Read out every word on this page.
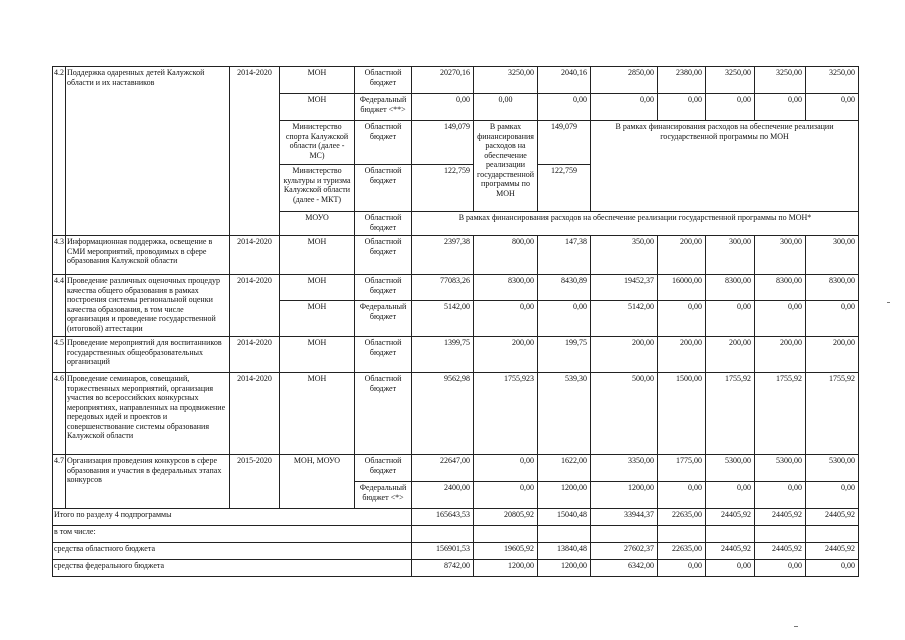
4.2	Поддержка одаренных детей Калужской области и их наставников	2014-2020	МОН	Областной бюджет	20270,16	3250,00	2040,16	2850,00	2380,00	3250,00	3250,00	3250,00
			МОН	Федеральный бюджет <**>	0,00	0,00	0,00	0,00	0,00	0,00	0,00	0,00
			Министерство спорта Калужской области (далее - МС)	Областной бюджет	149,079	В рамках финансирования расходов на обеспечение реализации государственной программы по МОН	149,079	В рамках финансирования расходов на обеспечение реализации государственной программы по МОН				
			Министерство культуры и туризма Калужской области (далее - МКТ)	Областной бюджет	122,759		122,759					
			МОУО	Областной бюджет	В рамках финансирования расходов на обеспечение реализации государственной программы по МОН*							
4.3	Информационная поддержка, освещение в СМИ мероприятий, проводимых в сфере образования Калужской области	2014-2020	МОН	Областной бюджет	2397,38	800,00	147,38	350,00	200,00	300,00	300,00	300,00
4.4	Проведение различных оценочных процедур качества общего образования в рамках построения системы региональной оценки качества образования, в том числе организация и проведение государственной (итоговой) аттестации	2014-2020	МОН	Областной бюджет	77083,26	8300,00	8430,89	19452,37	16000,00	8300,00	8300,00	8300,00
			МОН	Федеральный бюджет	5142,00	0,00	0,00	5142,00	0,00	0,00	0,00	0,00
4.5	Проведение мероприятий для воспитанников государственных общеобразовательных организаций	2014-2020	МОН	Областной бюджет	1399,75	200,00	199,75	200,00	200,00	200,00	200,00	200,00
4.6	Проведение семинаров, совещаний, торжественных мероприятий, организация участия во всероссийских конкурсных мероприятиях, направленных на продвижение передовых идей и проектов и совершенствование системы образования Калужской области	2014-2020	МОН	Областной бюджет	9562,98	1755,923	539,30	500,00	1500,00	1755,92	1755,92	1755,92
4.7	Организация проведения конкурсов в сфере образования и участия в федеральных этапах конкурсов	2015-2020	МОН, МОУО	Областной бюджет	22647,00	0,00	1622,00	3350,00	1775,00	5300,00	5300,00	5300,00
				Федеральный бюджет <*>	2400,00	0,00	1200,00	1200,00	0,00	0,00	0,00	0,00
Итого по разделу 4 подпрограммы					165643,53	20805,92	15040,48	33944,37	22635,00	24405,92	24405,92	24405,92
в том числе:												
средства областного бюджета					156901,53	19605,92	13840,48	27602,37	22635,00	24405,92	24405,92	24405,92
средства федерального бюджета					8742,00	1200,00	1200,00	6342,00	0,00	0,00	0,00	0,00
